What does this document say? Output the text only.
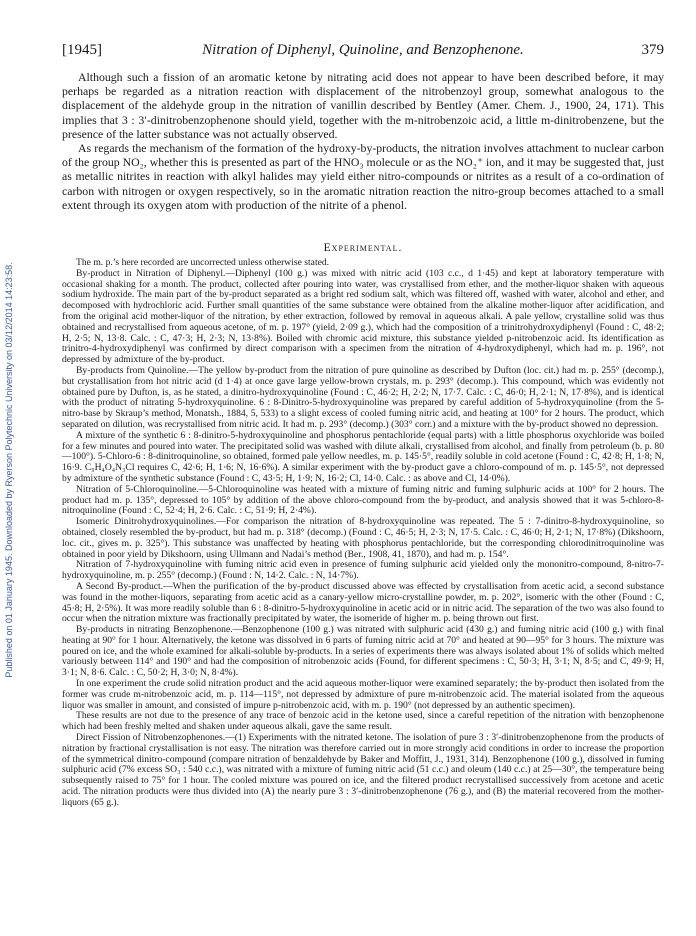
Published on 01 January 1945. Downloaded by Ryerson Polytechnic University on 03/12/2014 14:23:58.
[1945]	Nitration of Diphenyl, Quinoline, and Benzophenone.	379

Although such a fission of an aromatic ketone by nitrating acid does not appear to have been described before, it may perhaps be regarded as a nitration reaction with displacement of the nitrobenzoyl group, somewhat analogous to the displacement of the aldehyde group in the nitration of vanillin described by Bentley (Amer. Chem. J., 1900, 24, 171). This implies that 3 : 3′-dinitrobenzophenone should yield, together with the m-nitrobenzoic acid, a little m-dinitrobenzene, but the presence of the latter substance was not actually observed.

As regards the mechanism of the formation of the hydroxy-by-products, the nitration involves attachment to nuclear carbon of the group NO₂, whether this is presented as part of the HNO₃ molecule or as the NO₂⁺ ion, and it may be suggested that, just as metallic nitrites in reaction with alkyl halides may yield either nitro-compounds or nitrites as a result of a co-ordination of carbon with nitrogen or oxygen respectively, so in the aromatic nitration reaction the nitro-group becomes attached to a small extent through its oxygen atom with production of the nitrite of a phenol.

Experimental.

The m. p.’s here recorded are uncorrected unless otherwise stated.

By-product in Nitration of Diphenyl.—Diphenyl (100 g.) was mixed with nitric acid (103 c.c., d 1·45) and kept at laboratory temperature with occasional shaking for a month. The product, collected after pouring into water, was crystallised from ether, and the mother-liquor shaken with aqueous sodium hydroxide. The main part of the by-product separated as a bright red sodium salt, which was filtered off, washed with water, alcohol and ether, and decomposed with hydrochloric acid. Further small quantities of the same substance were obtained from the alkaline mother-liquor after acidification, and from the original acid mother-liquor of the nitration, by ether extraction, followed by removal in aqueous alkali. A pale yellow, crystalline solid was thus obtained and recrystallised from aqueous acetone, of m. p. 197° (yield, 2·09 g.), which had the composition of a trinitrohydroxydiphenyl (Found : C, 48·2; H, 2·5; N, 13·8. Calc. : C, 47·3; H, 2·3; N, 13·8%). Boiled with chromic acid mixture, this substance yielded p-nitrobenzoic acid. Its identification as trinitro-4-hydroxydiphenyl was confirmed by direct comparison with a specimen from the nitration of 4-hydroxydiphenyl, which had m. p. 196°, not depressed by admixture of the by-product.

By-products from Quinoline.—The yellow by-product from the nitration of pure quinoline as described by Dufton (loc. cit.) had m. p. 255° (decomp.), but crystallisation from hot nitric acid (d 1·4) at once gave large yellow-brown crystals, m. p. 293° (decomp.). This compound, which was evidently not obtained pure by Dufton, is, as he stated, a dinitro-hydroxyquinoline (Found : C, 46·2; H, 2·2; N, 17·7. Calc. : C, 46·0; H, 2·1; N, 17·8%), and is identical with the product of nitrating 5-hydroxyquinoline. 6 : 8-Dinitro-5-hydroxyquinoline was prepared by careful addition of 5-hydroxyquinoline (from the 5-nitro-base by Skraup’s method, Monatsh., 1884, 5, 533) to a slight excess of cooled fuming nitric acid, and heating at 100° for 2 hours. The product, which separated on dilution, was recrystallised from nitric acid. It had m. p. 293° (decomp.) (303° corr.) and a mixture with the by-product showed no depression.

A mixture of the synthetic 6 : 8-dinitro-5-hydroxyquinoline and phosphorus pentachloride (equal parts) with a little phosphorus oxychloride was boiled for a few minutes and poured into water. The precipitated solid was washed with dilute alkali, crystallised from alcohol, and finally from petroleum (b. p. 80—100°). 5-Chloro-6 : 8-dinitroquinoline, so obtained, formed pale yellow needles, m. p. 145·5°, readily soluble in cold acetone (Found : C, 42·8; H, 1·8; N, 16·9. C₉H₄O₄N₃Cl requires C, 42·6; H, 1·6; N, 16·6%). A similar experiment with the by-product gave a chloro-compound of m. p. 145·5°, not depressed by admixture of the synthetic substance (Found : C, 43·5; H, 1·9; N, 16·2; Cl, 14·0. Calc. : as above and Cl, 14·0%).

Nitration of 5-Chloroquinoline.—5-Chloroquinoline was heated with a mixture of fuming nitric and fuming sulphuric acids at 100° for 2 hours. The product had m. p. 135°, depressed to 105° by addition of the above chloro-compound from the by-product, and analysis showed that it was 5-chloro-8-nitroquinoline (Found : C, 52·4; H, 2·6. Calc. : C, 51·9; H, 2·4%).

Isomeric Dinitrohydroxyquinolines.—For comparison the nitration of 8-hydroxyquinoline was repeated. The 5 : 7-dinitro-8-hydroxyquinoline, so obtained, closely resembled the by-product, but had m. p. 318° (decomp.) (Found : C, 46·5; H, 2·3; N, 17·5. Calc. : C, 46·0; H, 2·1; N, 17·8%) (Dikshoorn, loc. cit., gives m. p. 325°). This substance was unaffected by heating with phosphorus pentachloride, but the corresponding chlorodinitroquinoline was obtained in poor yield by Dikshoorn, using Ullmann and Nadai’s method (Ber., 1908, 41, 1870), and had m. p. 154°.

Nitration of 7-hydroxyquinoline with fuming nitric acid even in presence of fuming sulphuric acid yielded only the mononitro-compound, 8-nitro-7-hydroxyquinoline, m. p. 255° (decomp.) (Found : N, 14·2. Calc. : N, 14·7%).

A Second By-product.—When the purification of the by-product discussed above was effected by crystallisation from acetic acid, a second substance was found in the mother-liquors, separating from acetic acid as a canary-yellow micro-crystalline powder, m. p. 202°, isomeric with the other (Found : C, 45·8; H, 2·5%). It was more readily soluble than 6 : 8-dinitro-5-hydroxyquinoline in acetic acid or in nitric acid. The separation of the two was also found to occur when the nitration mixture was fractionally precipitated by water, the isomeride of higher m. p. being thrown out first.

By-products in nitrating Benzophenone.—Benzophenone (100 g.) was nitrated with sulphuric acid (430 g.) and fuming nitric acid (100 g.) with final heating at 90° for 1 hour. Alternatively, the ketone was dissolved in 6 parts of fuming nitric acid at 70° and heated at 90—95° for 3 hours. The mixture was poured on ice, and the whole examined for alkali-soluble by-products. In a series of experiments there was always isolated about 1% of solids which melted variously between 114° and 190° and had the composition of nitrobenzoic acids (Found, for different specimens : C, 50·3; H, 3·1; N, 8·5; and C, 49·9; H, 3·1; N, 8·6. Calc. : C, 50·2; H, 3·0; N, 8·4%).

In one experiment the crude solid nitration product and the acid aqueous mother-liquor were examined separately; the by-product then isolated from the former was crude m-nitrobenzoic acid, m. p. 114—115°, not depressed by admixture of pure m-nitrobenzoic acid. The material isolated from the aqueous liquor was smaller in amount, and consisted of impure p-nitrobenzoic acid, with m. p. 190° (not depressed by an authentic specimen).

These results are not due to the presence of any trace of benzoic acid in the ketone used, since a careful repetition of the nitration with benzophenone which had been freshly melted and shaken under aqueous alkali, gave the same result.

Direct Fission of Nitrobenzophenones.—(1) Experiments with the nitrated ketone. The isolation of pure 3 : 3′-dinitrobenzophenone from the products of nitration by fractional crystallisation is not easy. The nitration was therefore carried out in more strongly acid conditions in order to increase the proportion of the symmetrical dinitro-compound (compare nitration of benzaldehyde by Baker and Moffitt, J., 1931, 314). Benzophenone (100 g.), dissolved in fuming sulphuric acid (7% excess SO₃ : 540 c.c.), was nitrated with a mixture of fuming nitric acid (51 c.c.) and oleum (140 c.c.) at 25—30°, the temperature being subsequently raised to 75° for 1 hour. The cooled mixture was poured on ice, and the filtered product recrystallised successively from acetone and acetic acid. The nitration products were thus divided into (A) the nearly pure 3 : 3′-dinitrobenzophenone (76 g.), and (B) the material recovered from the mother-liquors (65 g.).
